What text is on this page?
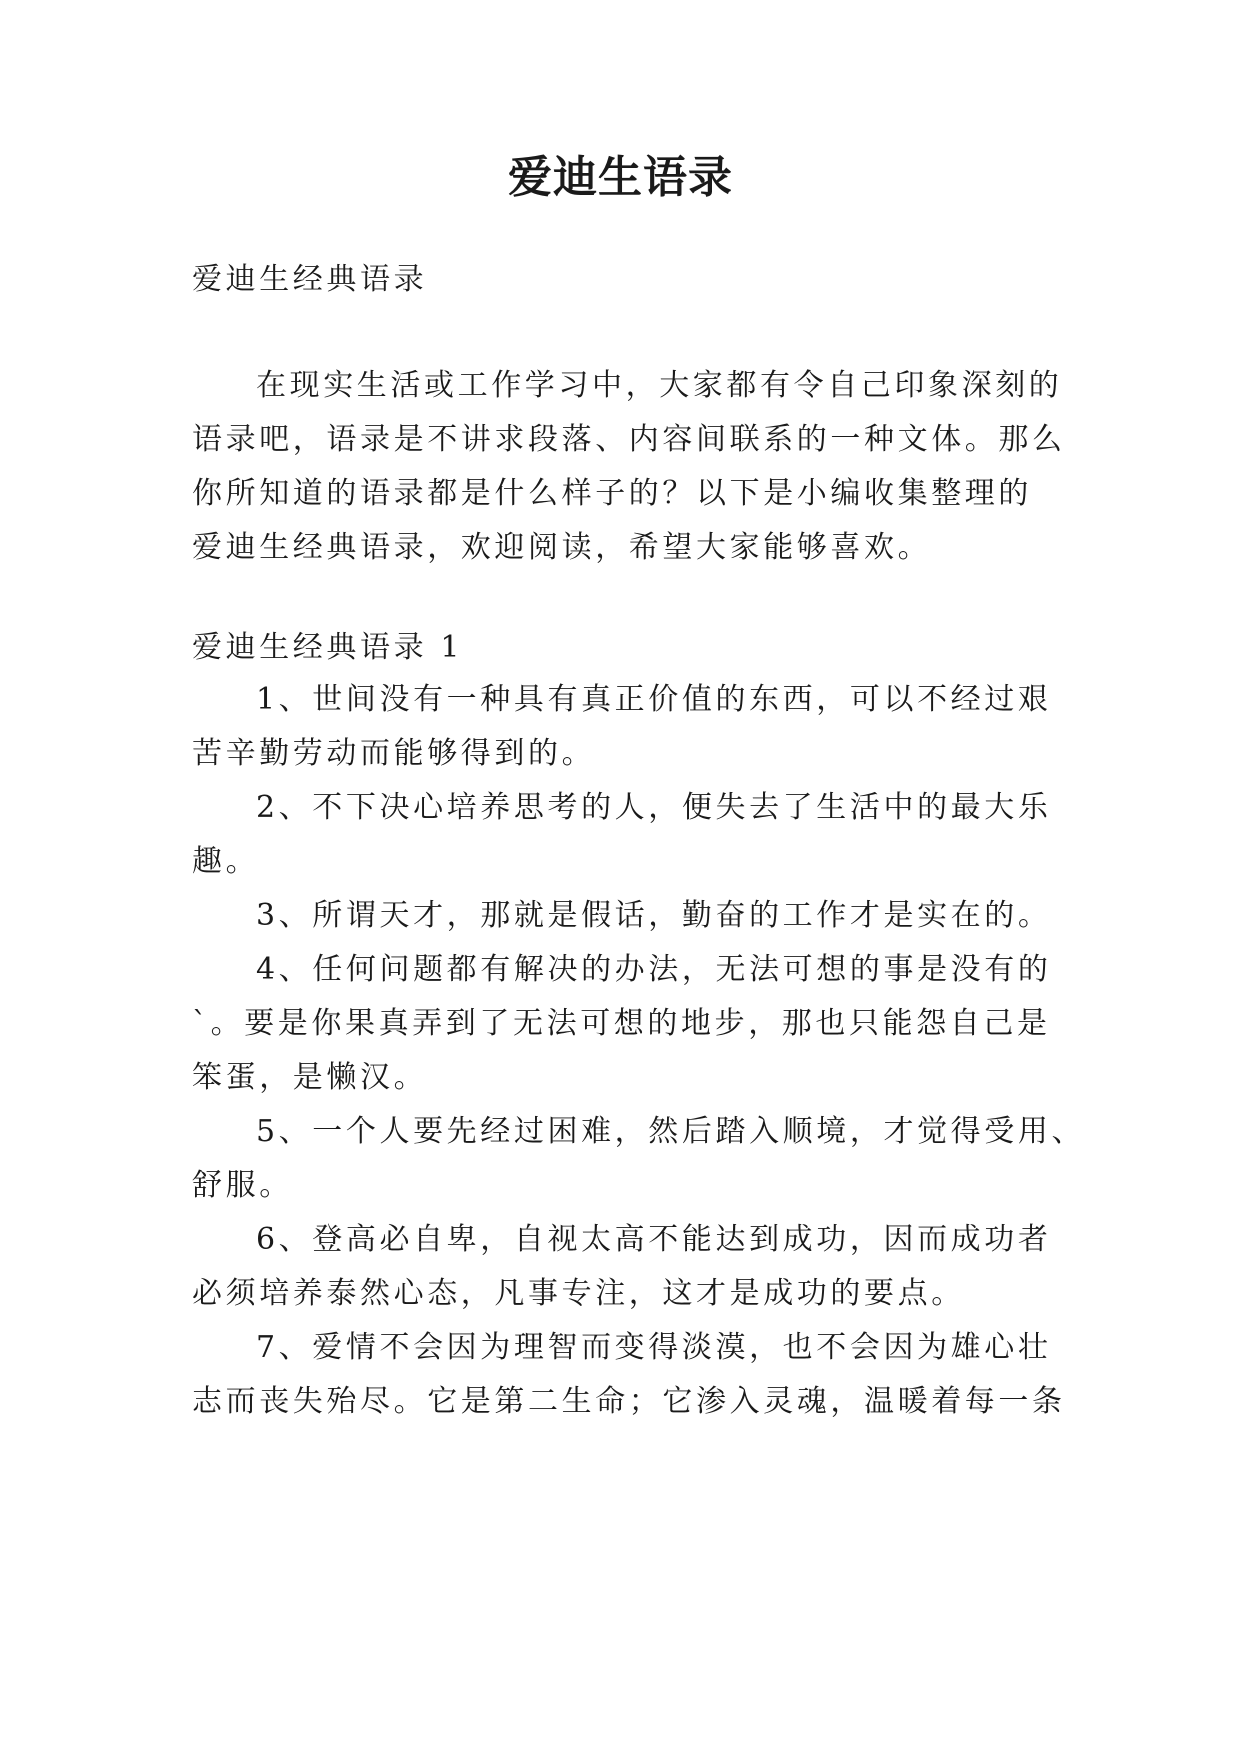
爱迪生语录
爱迪生经典语录
在现实生活或工作学习中，大家都有令自己印象深刻的
语录吧，语录是不讲求段落、内容间联系的一种文体。那么
你所知道的语录都是什么样子的？以下是小编收集整理的
爱迪生经典语录，欢迎阅读，希望大家能够喜欢。
爱迪生经典语录 1
1、世间没有一种具有真正价值的东西，可以不经过艰
苦辛勤劳动而能够得到的。
2、不下决心培养思考的人，便失去了生活中的最大乐
趣。
3、所谓天才，那就是假话，勤奋的工作才是实在的。
4、任何问题都有解决的办法，无法可想的事是没有的
`。要是你果真弄到了无法可想的地步，那也只能怨自己是
笨蛋，是懒汉。
5、一个人要先经过困难，然后踏入顺境，才觉得受用、
舒服。
6、登高必自卑，自视太高不能达到成功，因而成功者
必须培养泰然心态，凡事专注，这才是成功的要点。
7、爱情不会因为理智而变得淡漠，也不会因为雄心壮
志而丧失殆尽。它是第二生命；它渗入灵魂，温暖着每一条
